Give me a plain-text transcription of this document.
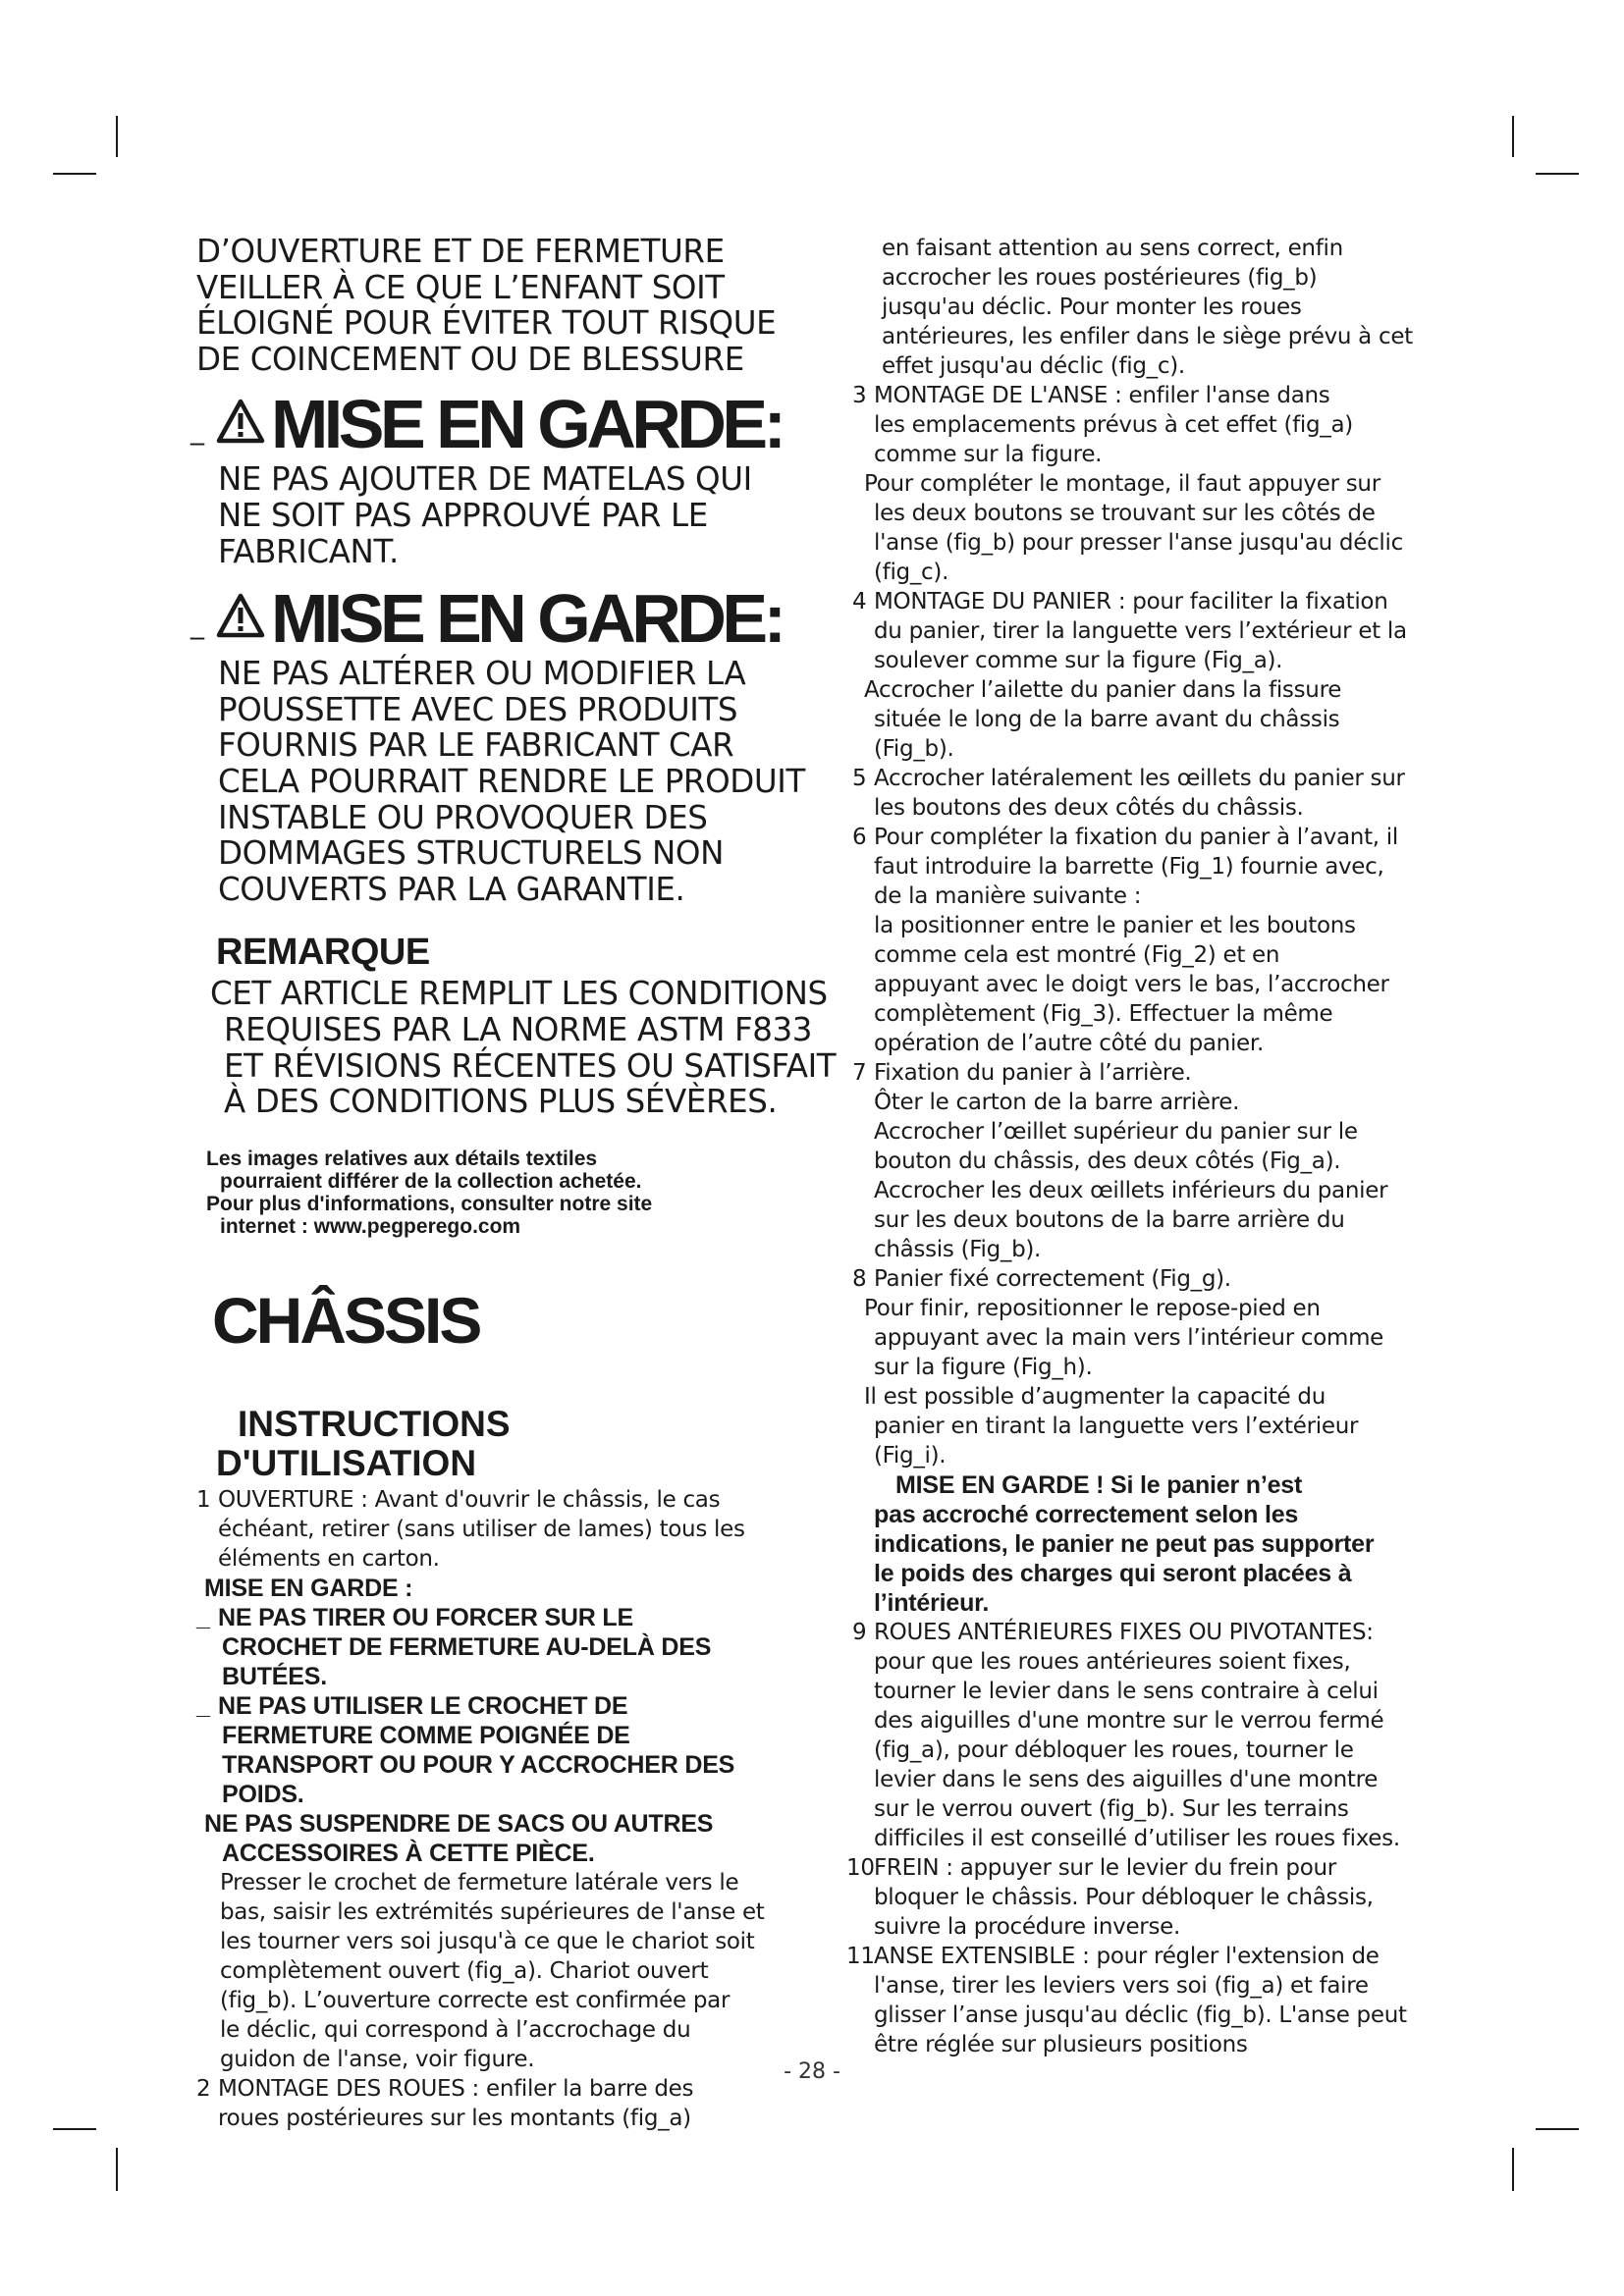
D’OUVERTURE ET DE FERMETURE
VEILLER À CE QUE L’ENFANT SOIT
ÉLOIGNÉ POUR ÉVITER TOUT RISQUE
DE COINCEMENT OU DE BLESSURE
_ MISE EN GARDE:
NE PAS AJOUTER DE MATELAS QUI
NE SOIT PAS APPROUVÉ PAR LE
FABRICANT.
_ MISE EN GARDE:
NE PAS ALTÉRER OU MODIFIER LA
POUSSETTE AVEC DES PRODUITS
FOURNIS PAR LE FABRICANT CAR
CELA POURRAIT RENDRE LE PRODUIT
INSTABLE OU PROVOQUER DES
DOMMAGES STRUCTURELS NON
COUVERTS PAR LA GARANTIE.
REMARQUE
CET ARTICLE REMPLIT LES CONDITIONS
REQUISES PAR LA NORME ASTM F833
ET RÉVISIONS RÉCENTES OU SATISFAIT
À DES CONDITIONS PLUS SÉVÈRES.
Les images relatives aux détails textiles
pourraient différer de la collection achetée.
Pour plus d'informations, consulter notre site
internet : www.pegperego.com
CHÂSSIS
INSTRUCTIONS
D'UTILISATION
1 OUVERTURE : Avant d'ouvrir le châssis, le cas
échéant, retirer (sans utiliser de lames) tous les
éléments en carton.
MISE EN GARDE :
_ NE PAS TIRER OU FORCER SUR LE
CROCHET DE FERMETURE AU-DELÀ DES
BUTÉES.
_ NE PAS UTILISER LE CROCHET DE
FERMETURE COMME POIGNÉE DE
TRANSPORT OU POUR Y ACCROCHER DES
POIDS.
NE PAS SUSPENDRE DE SACS OU AUTRES
ACCESSOIRES À CETTE PIÈCE.
Presser le crochet de fermeture latérale vers le
bas, saisir les extrémités supérieures de l'anse et
les tourner vers soi jusqu'à ce que le chariot soit
complètement ouvert (fig_a). Chariot ouvert
(fig_b). L’ouverture correcte est confirmée par
le déclic, qui correspond à l’accrochage du
guidon de l'anse, voir figure.
2 MONTAGE DES ROUES : enfiler la barre des
roues postérieures sur les montants (fig_a)
en faisant attention au sens correct, enfin
accrocher les roues postérieures (fig_b)
jusqu'au déclic. Pour monter les roues
antérieures, les enfiler dans le siège prévu à cet
effet jusqu'au déclic (fig_c).
3 MONTAGE DE L'ANSE : enfiler l'anse dans
les emplacements prévus à cet effet (fig_a)
comme sur la figure.
Pour compléter le montage, il faut appuyer sur
les deux boutons se trouvant sur les côtés de
l'anse (fig_b) pour presser l'anse jusqu'au déclic
(fig_c).
4 MONTAGE DU PANIER : pour faciliter la fixation
du panier, tirer la languette vers l’extérieur et la
soulever comme sur la figure (Fig_a).
Accrocher l’ailette du panier dans la fissure
située le long de la barre avant du châssis
(Fig_b).
5 Accrocher latéralement les œillets du panier sur
les boutons des deux côtés du châssis.
6 Pour compléter la fixation du panier à l’avant, il
faut introduire la barrette (Fig_1) fournie avec,
de la manière suivante :
la positionner entre le panier et les boutons
comme cela est montré (Fig_2) et en
appuyant avec le doigt vers le bas, l’accrocher
complètement (Fig_3). Effectuer la même
opération de l’autre côté du panier.
7 Fixation du panier à l’arrière.
Ôter le carton de la barre arrière.
Accrocher l’œillet supérieur du panier sur le
bouton du châssis, des deux côtés (Fig_a).
Accrocher les deux œillets inférieurs du panier
sur les deux boutons de la barre arrière du
châssis (Fig_b).
8 Panier fixé correctement (Fig_g).
Pour finir, repositionner le repose-pied en
appuyant avec la main vers l’intérieur comme
sur la figure (Fig_h).
Il est possible d’augmenter la capacité du
panier en tirant la languette vers l’extérieur
(Fig_i).
MISE EN GARDE ! Si le panier n’est
pas accroché correctement selon les
indications, le panier ne peut pas supporter
le poids des charges qui seront placées à
l’intérieur.
9 ROUES ANTÉRIEURES FIXES OU PIVOTANTES:
pour que les roues antérieures soient fixes,
tourner le levier dans le sens contraire à celui
des aiguilles d'une montre sur le verrou fermé
(fig_a), pour débloquer les roues, tourner le
levier dans le sens des aiguilles d'une montre
sur le verrou ouvert (fig_b). Sur les terrains
difficiles il est conseillé d’utiliser les roues fixes.
10FREIN : appuyer sur le levier du frein pour
bloquer le châssis. Pour débloquer le châssis,
suivre la procédure inverse.
11ANSE EXTENSIBLE : pour régler l'extension de
l'anse, tirer les leviers vers soi (fig_a) et faire
glisser l’anse jusqu'au déclic (fig_b). L'anse peut
être réglée sur plusieurs positions
- 28 -
